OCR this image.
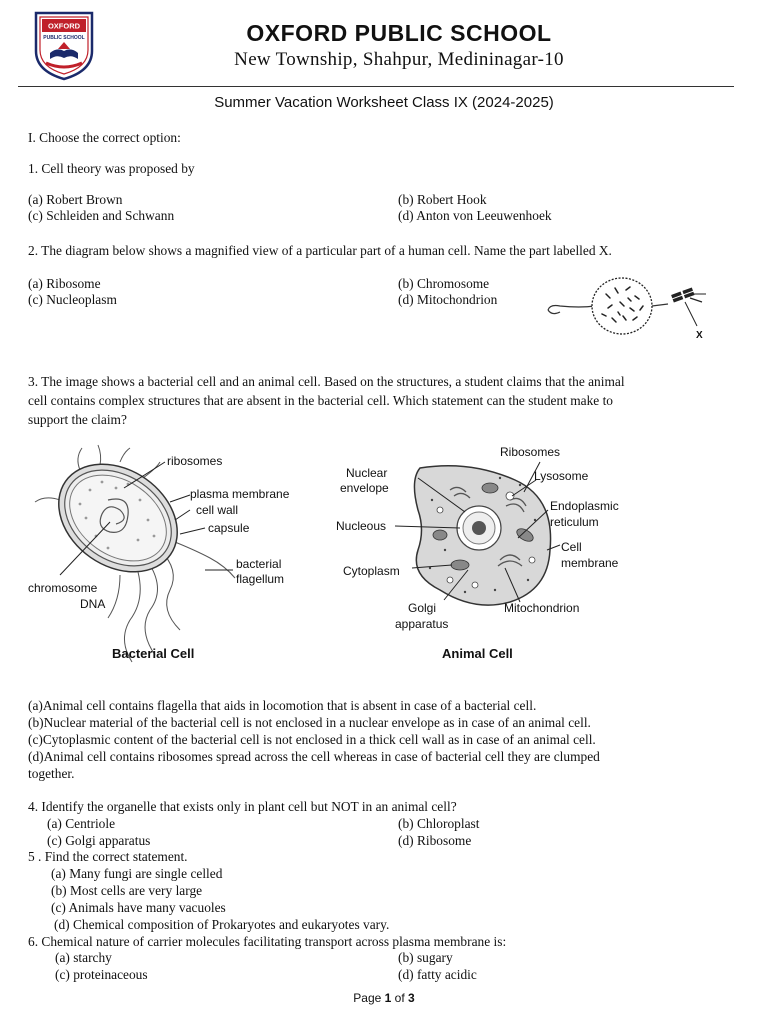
OXFORD
PUBLIC SCHOOL	OXFORD PUBLIC SCHOOL
New Township, Shahpur, Medininagar-10
Summer Vacation Worksheet Class IX (2024-2025)
I. Choose the correct option:
1. Cell theory was proposed by
(a) Robert Brown	(b) Robert Hook
(c) Schleiden and Schwann	(d) Anton von Leeuwenhoek
2. The diagram below shows a magnified view of a particular part of a human cell. Name the part labelled X.
(a) Ribosome	(b) Chromosome
(c) Nucleoplasm	(d) Mitochondrion
X
3. The image shows a bacterial cell and an animal cell. Based on the structures, a student claims that the animal
cell contains complex structures that are absent in the bacterial cell. Which statement can the student make to
support the claim?
ribosomes
plasma membrane
cell wall
capsule
bacterial
flagellum
chromosome
DNA
Bacterial Cell
Ribosomes
Nuclear
envelope
Lysosome
Endoplasmic
reticulum
Nucleous
Cell
membrane
Cytoplasm
Golgi
apparatus
Mitochondrion
Animal Cell
(a)Animal cell contains flagella that aids in locomotion that is absent in case of a bacterial cell.
(b)Nuclear material of the bacterial cell is not enclosed in a nuclear envelope as in case of an animal cell.
(c)Cytoplasmic content of the bacterial cell is not enclosed in a thick cell wall as in case of an animal cell.
(d)Animal cell contains ribosomes spread across the cell whereas in case of bacterial cell they are clumped
together.
4. Identify the organelle that exists only in plant cell but NOT in an animal cell?
(a) Centriole	(b) Chloroplast
(c) Golgi apparatus	(d) Ribosome
5 . Find the correct statement.
(a) Many fungi are single celled
(b) Most cells are very large
(c) Animals have many vacuoles
(d) Chemical composition of Prokaryotes and eukaryotes vary.
6. Chemical nature of carrier molecules facilitating transport across plasma membrane is:
(a) starchy	(b) sugary
(c) proteinaceous	(d) fatty acidic
Page 1 of 3
